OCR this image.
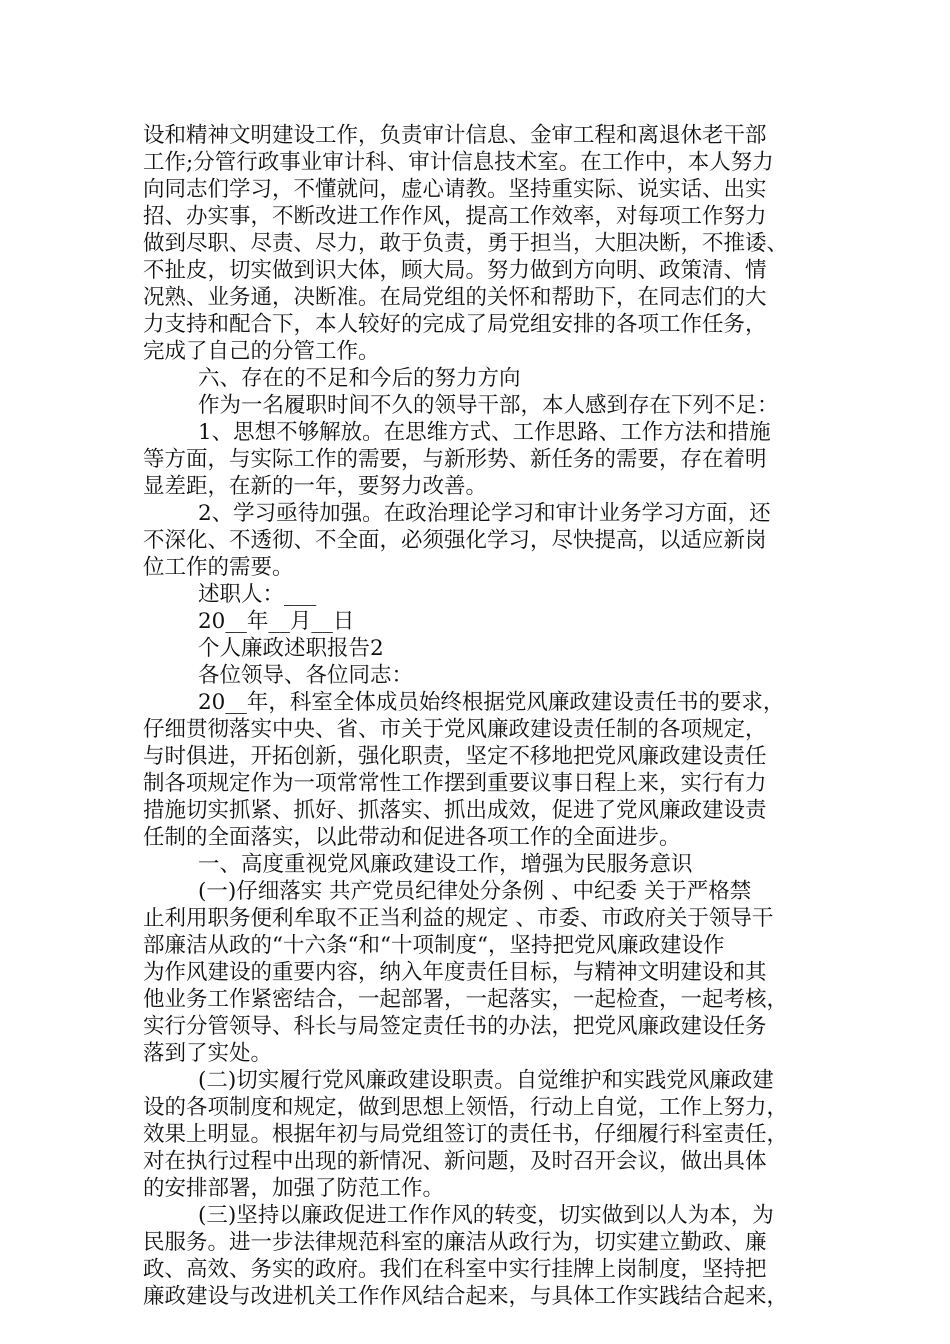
设和精神文明建设工作，负责审计信息、金审工程和离退休老干部
工作;分管行政事业审计科、审计信息技术室。在工作中，本人努力
向同志们学习，不懂就问，虚心请教。坚持重实际、说实话、出实
招、办实事，不断改进工作作风，提高工作效率，对每项工作努力
做到尽职、尽责、尽力，敢于负责，勇于担当，大胆决断，不推诿、
不扯皮，切实做到识大体，顾大局。努力做到方向明、政策清、情
况熟、业务通，决断准。在局党组的关怀和帮助下，在同志们的大
力支持和配合下，本人较好的完成了局党组安排的各项工作任务，
完成了自己的分管工作。
六、存在的不足和今后的努力方向
作为一名履职时间不久的领导干部，本人感到存在下列不足：
1、思想不够解放。在思维方式、工作思路、工作方法和措施
等方面，与实际工作的需要，与新形势、新任务的需要，存在着明
显差距，在新的一年，要努力改善。
2、学习亟待加强。在政治理论学习和审计业务学习方面，还
不深化、不透彻、不全面，必须强化学习，尽快提高，以适应新岗
位工作的需要。
述职人：___
20__年__月__日
个人廉政述职报告2
各位领导、各位同志：
20__年，科室全体成员始终根据党风廉政建设责任书的要求，
仔细贯彻落实中央、省、市关于党风廉政建设责任制的各项规定，
与时俱进，开拓创新，强化职责，坚定不移地把党风廉政建设责任
制各项规定作为一项常常性工作摆到重要议事日程上来，实行有力
措施切实抓紧、抓好、抓落实、抓出成效，促进了党风廉政建设责
任制的全面落实，以此带动和促进各项工作的全面进步。
一、高度重视党风廉政建设工作，增强为民服务意识
(一)仔细落实 共产党员纪律处分条例 、中纪委 关于严格禁
止利用职务便利牟取不正当利益的规定 、市委、市政府关于领导干
部廉洁从政的“十六条“和“十项制度“，坚持把党风廉政建设作
为作风建设的重要内容，纳入年度责任目标，与精神文明建设和其
他业务工作紧密结合，一起部署，一起落实，一起检查，一起考核，
实行分管领导、科长与局签定责任书的办法，把党风廉政建设任务
落到了实处。
(二)切实履行党风廉政建设职责。自觉维护和实践党风廉政建
设的各项制度和规定，做到思想上领悟，行动上自觉，工作上努力，
效果上明显。根据年初与局党组签订的责任书，仔细履行科室责任，
对在执行过程中出现的新情况、新问题，及时召开会议，做出具体
的安排部署，加强了防范工作。
(三)坚持以廉政促进工作作风的转变，切实做到以人为本，为
民服务。进一步法律规范科室的廉洁从政行为，切实建立勤政、廉
政、高效、务实的政府。我们在科室中实行挂牌上岗制度，坚持把
廉政建设与改进机关工作作风结合起来，与具体工作实践结合起来，
